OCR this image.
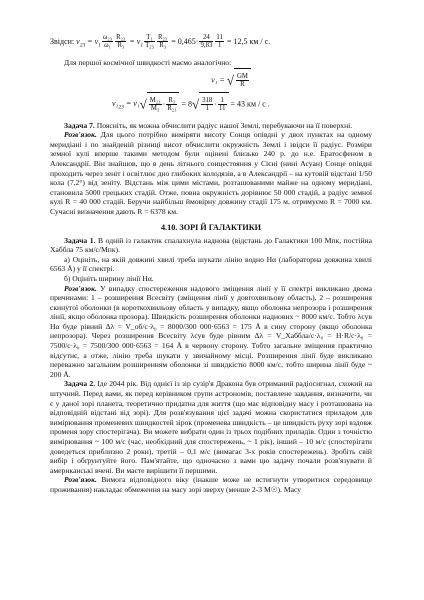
Звідси: $v_{23} = v_1 \frac{\text{ω₂₃}}{\text{ω₁}} \frac{\text{R₂₃}}{\text{R₃}} = v_1 \frac{\text{T₁}}{\text{T₂₃}} \frac{\text{R₂₃}}{\text{R₃}} = 0,465\cdot \frac{24}{9,83} \frac{11}{1} = 12,5$ км / с.

Для першої космічної швидкості маємо аналогічно:

v₁ = √ $\frac{GM}{R}$
$v_1_{23} = v_1√ \frac{\text{M₂₃}}{\text{M₃}} \cdot \frac{\text{R₃}}{\text{R₂₃}} = 8√ \frac{318}{1} \cdot \frac{1}{11} = 43$ км / с .

Задача 7. Поясніть, як можна обчислити радіус нашої Землі, перебуваючи на її поверхні.

Розв'язок. Для цього потрібно виміряти висоту Сонця опівдні у двох пунктах на одному меридіані і по знайденій різниці висот обчислити окружність Землі і звідси її радіус. Розміри земної кулі вперше такими методом були оцінені близько 240 р. до н.е. Ератосфеном в Александрії. Він знайшов, що в день літнього сонцестояння у Сієні (нині Асуан) Сонце опівдні проходить через зеніт і освітлює дно глибоких колодязів, а в Александрії – на кутовій відстані 1/50 кола (7,2°) від зеніту. Відстань між цими містами, розташованими майже на одному меридіані, становила 5000 грецьких стадій. Отже, повна окружність дорівнює 50 000 стадій, а радіус земної кулі R = 40 000 стадій. Беручи найбільш ймовірну довжину стадії 175 м, отримуємо R = 7000 км. Сучасні визначення дають R = 6378 км.

4.10. ЗОРІ Й ГАЛАКТИКИ

Задача 1. В одній із галактик спалахнула наднова (відстань до Галактики 100 Мпк, постійна Хаббла 75 км/с/Мпк).

а) Оцініть, на якій довжині хвилі треба шукати лінію водно Hα (лабораторна довжина хвилі 6563 Å) у її спектрі.

б) Оцініть ширину лінії Hα.

Розв'язок. У випадку спостереження надового зміщення лінії у її спектрі викликано двома причинами: 1 – розширення Всесвіту (зміщення лінії у довгохвильову область), 2 – розширення скинутої оболонки (в короткохвильову область у випадку, якщо оболонка непрозора і розширення лінії, якщо оболонка прозора). Швидкість розширення оболонки наднових ~ 8000 км/с. Тобто λсув Hα буде рівний Δλ = V_об/c·λ₀ = 8000/300 000·6563 = 175 Å в сину сторону (якщо оболонка непрозора). Через розширення Всесвіту λсув буде рівним Δλ = V_Хаббла/c·λ₀ = H·R/c·λ₀ = 7500/c·λ₀ = 7500/300 000·6563 = 164 Å в червону сторону. Тобто загальне зміщення практично відсутнє, а отже, лінію треба шукати у звичайному місці. Розширення лінії буде викликано переважно загальним розширенням оболонки зі швидкістю 8000 км/с, тобто ширина лінії буде ~ 200 Å.

Задача 2. Іде 2044 рік. Від однієї із зір сузір'я Дракона був отриманий радіосигнал, схожий на штучний. Перед вами, як перед керівником групи астрономів, поставлене завдання, визначити, чи є у даної зорі планета, теоретично придатна для життя (що має відповідну масу і розташована на відповідній відстані від зорі). Для розв'язування цієї задачі можна скористатися приладом для вимірювання променевих швидкостей зірок (променева швидкість – це швидкість руху зорі вздовж променя зору спостерігача). Ви можете вибрати один із трьох подібних приладів. Один з точністю вимірювання ~ 100 м/с (час, необхідний для спостережень, ~ 1 рік), інший – 10 м/с (спостерігати доведеться приблизно 2 роки), третій – 0,1 м/с (вимагає 3-х років спостережень). Зробіть свій вибір і обґрунтуйте його. Пам'ятайте, що одночасно з вами цю задачу почали розв'язувати й американські вчені. Ви маєте вирішити її першими.

Розв'язок. Вимога відповідного віку (інакше може не встигнути утворитися середовище проживання) накладає обмеження на масу зорі зверху (менше 2-3 M☉). Масу
